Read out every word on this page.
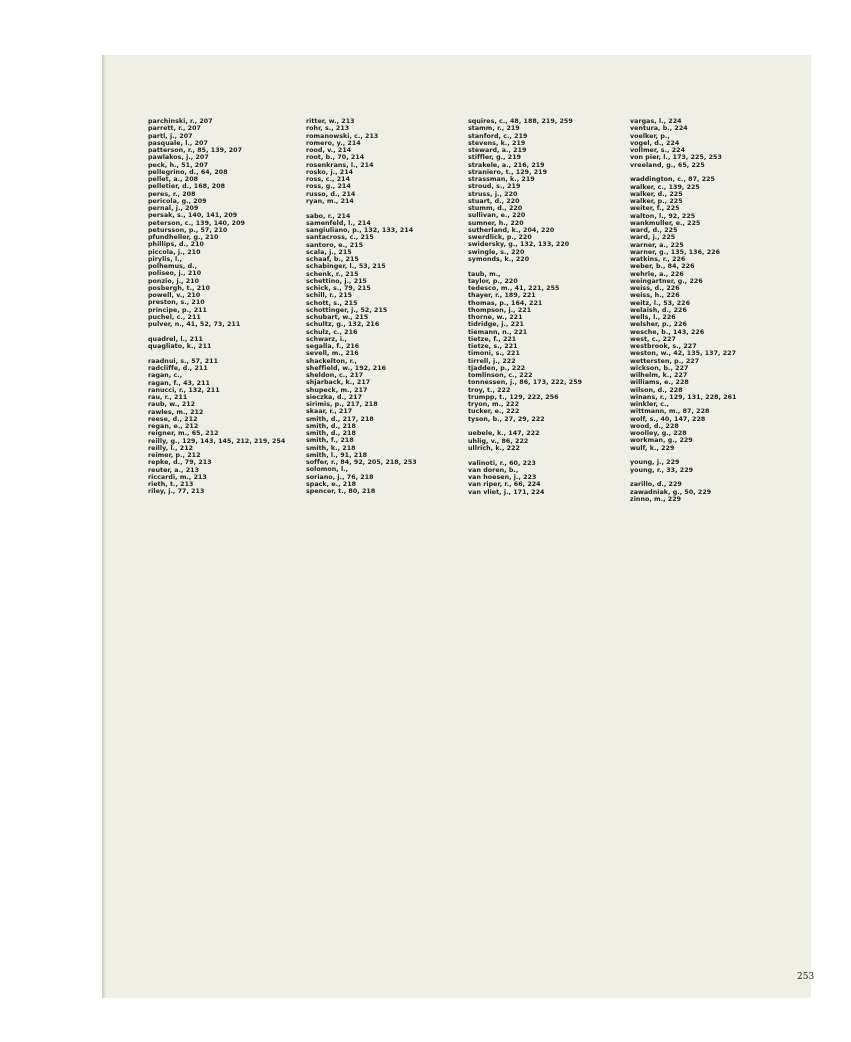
parchinski, r., 207
parrett, r., 207
partl, j., 207
pasquale, l., 207
patterson, r., 85, 139, 207
pawlakos, j., 207
peck, h., 51, 207
pellegrino, d., 64, 208
pellet, a., 208
pelletier, d., 168, 208
peres, r., 208
pericola, g., 209
pernal, j., 209
persak, s., 140, 141, 209
peterson, c., 139, 140, 209
petursson, p., 57, 210
pfundheller, g., 210
phillips, d., 210
piccola, j., 210
pirylis, l.,
polhemus, d.,
poliseo, j., 210
ponzio, j., 210
posbergh, t., 210
powell, v., 210
preston, s., 210
principe, p., 211
puchel, c., 211
pulver, n., 41, 52, 73, 211
quadrel, l., 211
quagliato, k., 211
raadnui, s., 57, 211
radcliffe, d., 211
ragan, c.,
ragan, f., 43, 211
ranucci, r., 132, 211
rau, r., 211
raub, w., 212
rawles, m., 212
reese, d., 212
regan, e., 212
reigner, m., 65, 212
reilly, g., 129, 143, 145, 212, 219, 254
reilly, l., 212
reimer, p., 212
repke, d., 79, 213
reuter, a., 213
riccardi, m., 213
rieth, t., 213
riley, j., 77, 213
ritter, w., 213
rohr, s., 213
romanowski, c., 213
romero, y., 214
rood, v., 214
root, b., 70, 214
rosenkrans, l., 214
rosko, j., 214
ross, c., 214
ross, g., 214
russo, d., 214
ryan, m., 214
sabo, r., 214
samenfeld, l., 214
sangiuliano, p., 132, 133, 214
santacross, c., 215
santoro, e., 215
scala, j., 215
schaaf, b., 215
schabinger, l., 53, 215
schenk, r., 215
schettino, j., 215
schick, s., 79, 215
schill, r., 215
schott, s., 215
schottinger, j., 52, 215
schubart, w., 215
schultz, g., 132, 216
schulz, c., 216
schwarz, i.,
segalla, f., 216
sevell, m., 216
shackelton, r.,
sheffield, w., 192, 216
sheldon, c., 217
shjarback, k., 217
shupeck, m., 217
sieczka, d., 217
sirimis, p., 217, 218
skaar, r., 217
smith, d., 217, 218
smith, d., 218
smith, d., 218
smith, f., 218
smith, k., 218
smith, l., 91, 218
soffer, r., 84, 92, 205, 218, 253
solomon, l.,
soriano, j., 76, 218
spack, e., 218
spencer, t., 80, 218
squires, c., 48, 188, 219, 259
stamm, r., 219
stanford, c., 219
stevens, k., 219
steward, a., 219
stiffler, g., 219
strakele, a., 216, 219
straniero, t., 129, 219
strassman, k., 219
stroud, s., 219
struss, j., 220
stuart, d., 220
stumm, d., 220
sullivan, e., 220
sumner, h., 220
sutherland, k., 204, 220
swerdlick, p., 220
swidersky, g., 132, 133, 220
swingle, s., 220
symonds, k., 220
taub, m.,
taylor, p., 220
tedesco, m., 41, 221, 255
thayer, r., 189, 221
thomas, p., 164, 221
thompson, j., 221
thorne, w., 221
tidridge, j., 221
tiemann, n., 221
tietze, f., 221
tietze, s., 221
timoni, s., 221
tirrell, j., 222
tjadden, p., 222
tomlinson, c., 222
tonnessen, j., 86, 173, 222, 259
troy, t., 222
trumpp, t., 129, 222, 256
tryon, m., 222
tucker, e., 222
tyson, b., 27, 29, 222
uebele, k., 147, 222
uhlig, v., 86, 222
ullrich, k., 222
valinoti, r., 60, 223
van doren, b.,
van hoesen, j., 223
van riper, r., 66, 224
van vliet, j., 171, 224
vargas, l., 224
ventura, b., 224
voelker, p.,
vogel, d., 224
vollmer, s., 224
von pier, l., 173, 225, 253
vreeland, g., 65, 225
waddington, c., 87, 225
walker, c., 139, 225
walker, d., 225
walker, p., 225
weiter, f., 225
walton, l., 92, 225
wankmuller, e., 225
ward, d., 225
ward, j., 225
warner, a., 225
warner, g., 135, 136, 226
watkins, r., 226
weber, b., 84, 226
wehrle, a., 226
weingartner, g., 226
weiss, d., 226
weiss, h., 226
weitz, l., 53, 226
welaish, d., 226
wells, l., 226
welsher, p., 226
wesche, b., 143, 226
west, c., 227
westbrook, s., 227
weston, w., 42, 135, 137, 227
wettersten, p., 227
wickson, b., 227
wilhelm, k., 227
williams, e., 228
wilson, d., 228
winans, r., 129, 131, 228, 261
winkler, c.,
wittmann, m., 87, 228
wolf, s., 40, 147, 228
wood, d., 228
woolley, g., 228
workman, g., 229
wulf, k., 229
young, j., 229
young, r., 33, 229
zarillo, d., 229
zawadniak, g., 50, 229
zinno, m., 229
253
